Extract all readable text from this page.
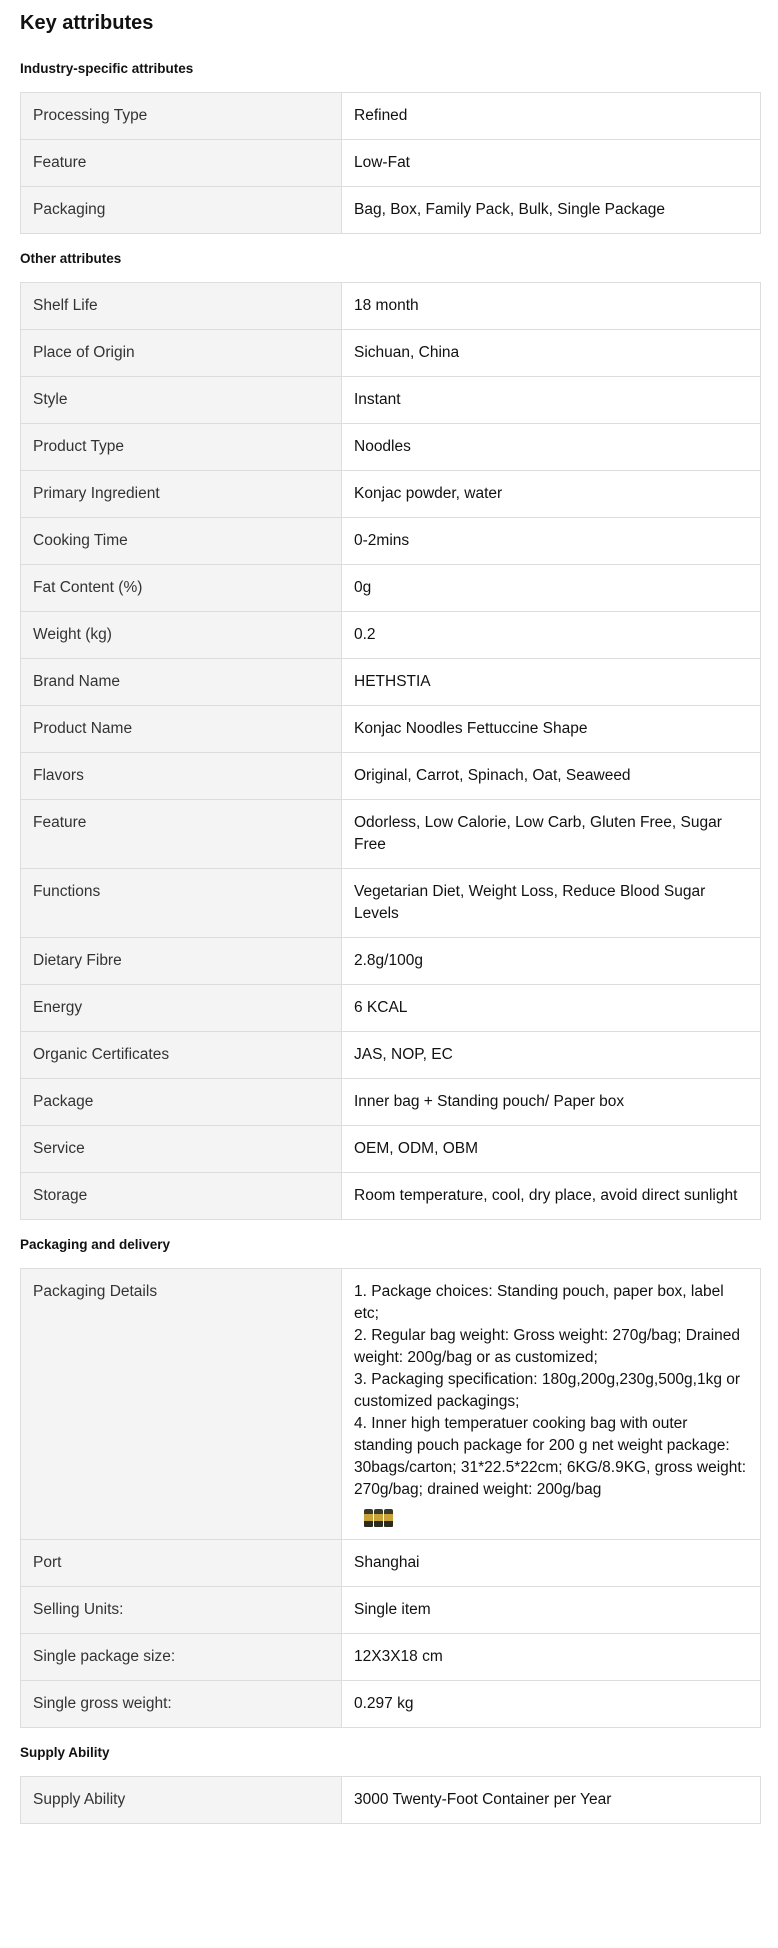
Key attributes
Industry-specific attributes
Processing Type	Refined
Feature	Low-Fat
Packaging	Bag, Box, Family Pack, Bulk, Single Package
Other attributes
Shelf Life	18 month
Place of Origin	Sichuan, China
Style	Instant
Product Type	Noodles
Primary Ingredient	Konjac powder, water
Cooking Time	0-2mins
Fat Content (%)	0g
Weight (kg)	0.2
Brand Name	HETHSTIA
Product Name	Konjac Noodles Fettuccine Shape
Flavors	Original, Carrot, Spinach, Oat, Seaweed
Feature	Odorless, Low Calorie, Low Carb, Gluten Free, Sugar Free
Functions	Vegetarian Diet, Weight Loss, Reduce Blood Sugar Levels
Dietary Fibre	2.8g/100g
Energy	6 KCAL
Organic Certificates	JAS, NOP, EC
Package	Inner bag + Standing pouch/ Paper box
Service	OEM, ODM, OBM
Storage	Room temperature, cool, dry place, avoid direct sunlight
Packaging and delivery
Packaging Details	1. Package choices: Standing pouch, paper box, label etc;
2. Regular bag weight: Gross weight: 270g/bag; Drained weight: 200g/bag or as customized;
3. Packaging specification: 180g,200g,230g,500g,1kg or customized packagings;
4. Inner high temperatuer cooking bag with outer standing pouch package for 200 g net weight package: 30bags/carton; 31*22.5*22cm; 6KG/8.9KG, gross weight: 270g/bag; drained weight: 200g/bag

Port	Shanghai
Selling Units:	Single item
Single package size:	12X3X18 cm
Single gross weight:	0.297 kg
Supply Ability
Supply Ability	3000 Twenty-Foot Container per Year
